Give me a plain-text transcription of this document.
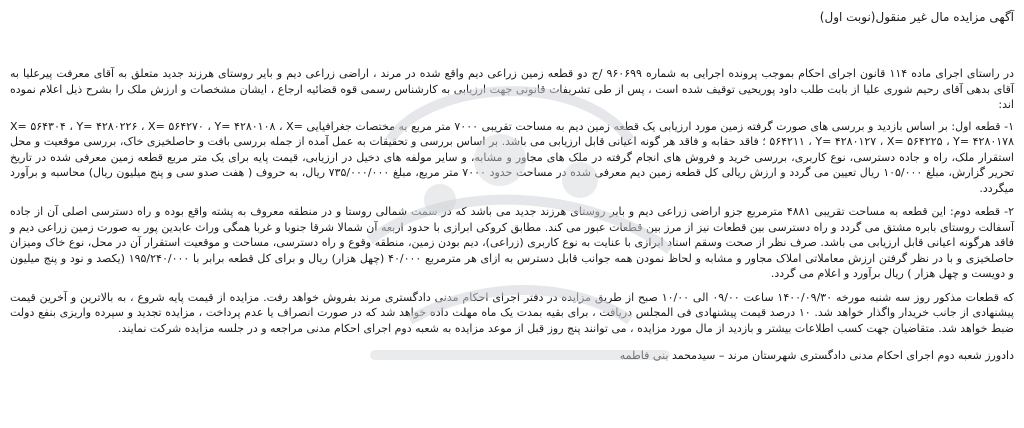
آگهی مزایده مال غیر منقول(نوبت اول)

در راستای اجرای ماده ۱۱۴ قانون اجرای احکام بموجب پرونده اجرایی به شماره ۹۶۰۶۹۹ /ج دو قطعه زمین زراعی دیم واقع شده در مرند ، اراضی زراعی دیم و بایر روستای هرزند جدید متعلق به آقای معرفت پیرعلیا به آقای بدهی آقای رحیم شوری علیا از بابت طلب داود پوریحیی توقیف شده است ، پس از طی تشریفات قانونی جهت ارزیابی به کارشناس رسمی قوه قضائیه ارجاع ، ایشان مشخصات و ارزش ملک را بشرح ذیل اعلام نموده اند:

۱- قطعه اول: بر اساس بازدید و بررسی های صورت گرفته زمین مورد ارزیابی یک قطعه زمین دیم به مساحت تقریبی ۷۰۰۰ متر مربع به مختصات جغرافیایی X= ۵۶۴۳۰۴ ، Y= ۴۲۸۰۲۲۶ ، X= ۵۶۴۲۷۰ ، Y= ۴۲۸۰۱۰۸ ، X= ۵۶۴۲۱۱ ، Y= ۴۲۸۰۱۲۷ ، X= ۵۶۴۲۲۵ ، Y= ۴۲۸۰۱۷۸ ؛ فاقد حقابه و فاقد هر گونه اعیانی قابل ارزیابی می باشد. بر اساس بررسی و تحقیقات به عمل آمده از جمله بررسی بافت و حاصلخیزی خاک، بررسی موقعیت و محل استقرار ملک، راه و جاده دسترسی، نوع کاربری، بررسی خرید و فروش های انجام گرفته در ملک های مجاور و مشابه، و سایر مولفه های دخیل در ارزیابی، قیمت پایه برای یک متر مربع قطعه زمین معرفی شده در تاریخ تحریر گزارش، مبلغ ۱۰۵/۰۰۰ ریال تعیین می گردد و ارزش ریالی کل قطعه زمین دیم معرفی شده در مساحت حدود ۷۰۰۰ متر مربع، مبلغ ۷۳۵/۰۰۰/۰۰۰ ریال، به حروف ( هفت صدو سی و پنج میلیون ریال) محاسبه و برآورد میگردد.

۲- قطعه دوم: این قطعه به مساحت تقریبی ۴۸۸۱ مترمربع جزو اراضی زراعی دیم و بایر روستای هرزند جدید می باشد که در سمت شمالی روستا و در منطقه معروف به پشته واقع بوده و راه دسترسی اصلی آن از جاده آسفالت روستای بابره مشتق می گردد و راه دسترسی بین قطعات نیز از مرز بین قطعات عبور می کند. مطابق کروکی ابرازی با حدود اربعه آن شمالا شرقا جنوبا و غربا همگی وراث عابدین پور به صورت زمین زراعی دیم و فاقد هرگونه اعیانی قابل ارزیابی می باشد. صرف نظر از صحت وسقم اسناد ابرازی با عنایت به نوع کاربری (زراعی)، دیم بودن زمین، منطقه وقوع و راه دسترسی، مساحت و موقعیت استقرار آن در محل، نوع خاک ومیزان حاصلخیزی و با در نظر گرفتن ارزش معاملاتی املاک مجاور و مشابه و لحاظ نمودن همه جوانب قابل دسترس به ازای هر مترمربع ۴۰/۰۰۰ (چهل هزار) ریال و برای کل قطعه برابر با ۱۹۵/۲۴۰/۰۰۰ (یکصد و نود و پنج میلیون و دویست و چهل هزار ) ریال برآورد و اعلام می گردد.

که قطعات مذکور روز سه شنبه مورخه ۱۴۰۰/۰۹/۳۰ ساعت ۰۹/۰۰ الی ۱۰/۰۰ صبح از طریق مزایده در دفتر اجرای احکام مدنی دادگستری مرند بفروش خواهد رفت. مزایده از قیمت پایه شروع ، به بالاترین و آخرین قیمت پیشنهادی از جانب خریدار واگذار خواهد شد. ۱۰ درصد قیمت پیشنهادی فی المجلس دریافت ، برای بقیه بمدت یک ماه مهلت داده خواهد شد که در صورت انصراف یا عدم پرداخت ، مزایده تجدید و سپرده واریزی بنفع دولت ضبط خواهد شد. متقاضیان جهت کسب اطلاعات بیشتر و بازدید از مال مورد مزایده ، می توانند پنج روز قبل از موعد مزایده به شعبه دوم اجرای احکام مدنی مراجعه و در جلسه مزایده شرکت نمایند.

دادورز شعبه دوم اجرای احکام مدنی دادگستری شهرستان مرند – سیدمحمد بنی فاطمه
